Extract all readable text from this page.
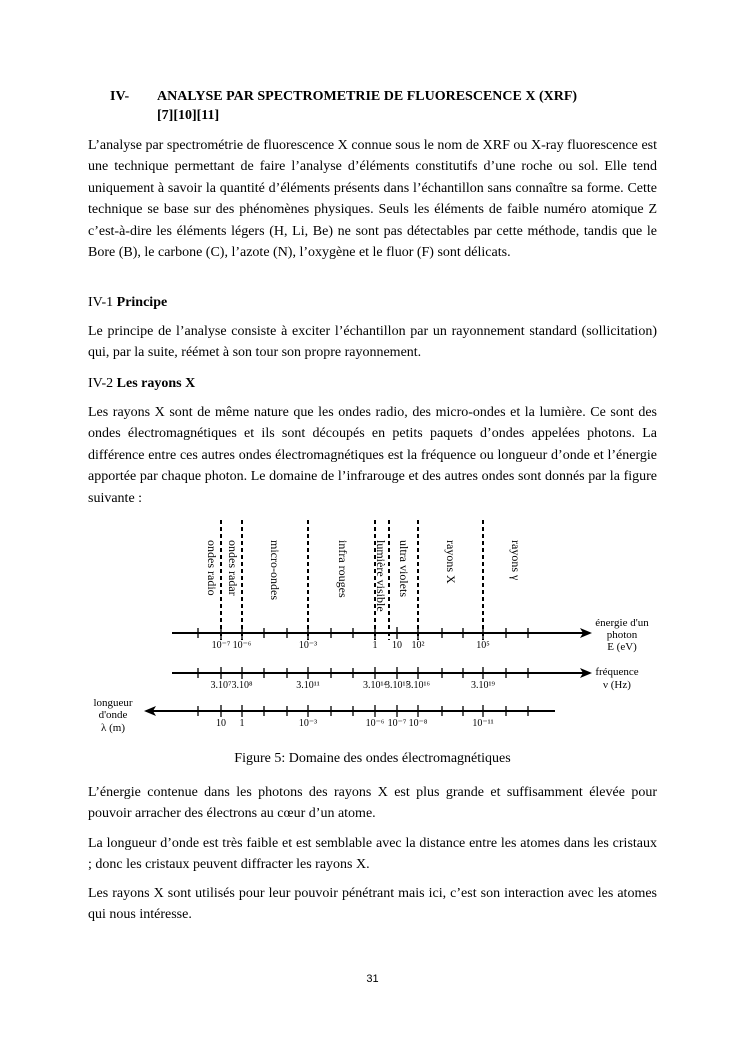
IV- ANALYSE PAR SPECTROMETRIE DE FLUORESCENCE X (XRF)
[7][10][11]

L’analyse par spectrométrie de fluorescence X connue sous le nom de XRF ou X-ray fluorescence est une technique permettant de faire l’analyse d’éléments constitutifs d’une roche ou sol. Elle tend uniquement à savoir la quantité d’éléments présents dans l’échantillon sans connaître sa forme. Cette technique se base sur des phénomènes physiques. Seuls les éléments de faible numéro atomique Z c’est-à-dire les éléments légers (H, Li, Be) ne sont pas détectables par cette méthode, tandis que le Bore (B), le carbone (C), l’azote (N), l’oxygène et le fluor (F) sont délicats.

IV-1 Principe

Le principe de l’analyse consiste à exciter l’échantillon par un rayonnement standard (sollicitation) qui, par la suite, réémet à son tour son propre rayonnement.

IV-2 Les rayons X

Les rayons X sont de même nature que les ondes radio, des micro-ondes et la lumière. Ce sont des ondes électromagnétiques et ils sont découpés en petits paquets d’ondes appelées photons. La différence entre ces autres ondes électromagnétiques est la fréquence ou longueur d’onde et l’énergie apportée par chaque photon. Le domaine de l’infrarouge et des autres ondes sont donnés par la figure suivante :

ondes radio ondes radar micro-ondes	infra rouges lumière visible ultra violets	rayons X	rayons γ
10⁻⁷ 10⁻⁶	10⁻³	1 10 10²	10⁵
3.10⁷ 3.10⁸	3.10¹¹	3.10¹⁴
3.10¹⁵
3.10¹⁶	3.10¹⁹
10 1	10⁻³	10⁻⁶ 10⁻⁷ 10⁻⁸	10⁻¹¹
énergie d'un
photon
E (eV)
fréquence
ν (Hz)
longueur
d'onde
λ (m)
Figure 5: Domaine des ondes électromagnétiques

L’énergie contenue dans les photons des rayons X est plus grande et suffisamment élevée pour pouvoir arracher des électrons au cœur d’un atome.

La longueur d’onde est très faible et est semblable avec la distance entre les atomes dans les cristaux ; donc les cristaux peuvent diffracter les rayons X.

Les rayons X sont utilisés pour leur pouvoir pénétrant mais ici, c’est son interaction avec les atomes qui nous intéresse.

31
